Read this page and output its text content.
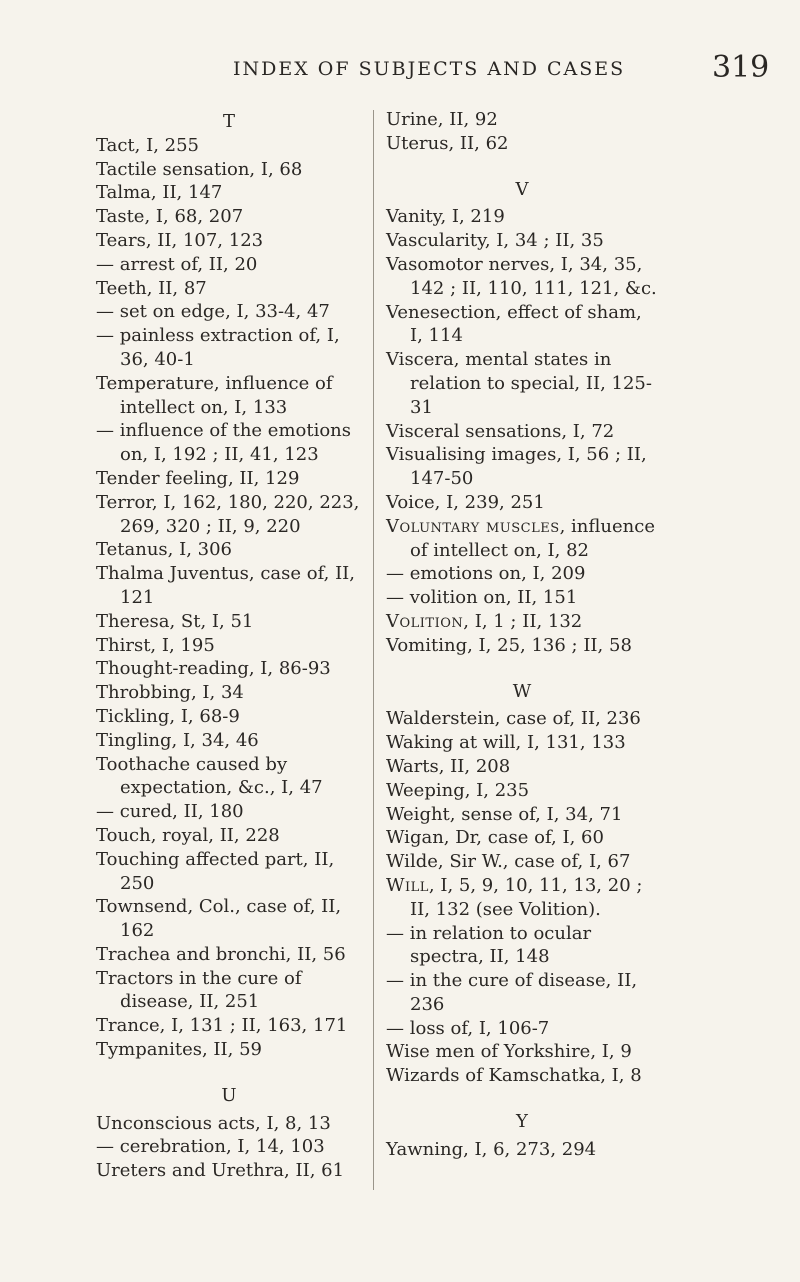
INDEX OF SUBJECTS AND CASES	319

T

Tact, I, 255

Tactile sensation, I, 68

Talma, II, 147

Taste, I, 68, 207

Tears, II, 107, 123

— arrest of, II, 20

Teeth, II, 87

— set on edge, I, 33-4, 47

— painless extraction of, I, 36, 40-1

Temperature, influence of intellect on, I, 133

— influence of the emotions on, I, 192 ; II, 41, 123

Tender feeling, II, 129

Terror, I, 162, 180, 220, 223, 269, 320 ; II, 9, 220

Tetanus, I, 306

Thalma Juventus, case of, II, 121

Theresa, St, I, 51

Thirst, I, 195

Thought-reading, I, 86-93

Throbbing, I, 34

Tickling, I, 68-9

Tingling, I, 34, 46

Toothache caused by expectation, &c., I, 47

— cured, II, 180

Touch, royal, II, 228

Touching affected part, II, 250

Townsend, Col., case of, II, 162

Trachea and bronchi, II, 56

Tractors in the cure of disease, II, 251

Trance, I, 131 ; II, 163, 171

Tympanites, II, 59

U

Unconscious acts, I, 8, 13

— cerebration, I, 14, 103

Ureters and Urethra, II, 61

Urine, II, 92

Uterus, II, 62

V

Vanity, I, 219

Vascularity, I, 34 ; II, 35

Vasomotor nerves, I, 34, 35, 142 ; II, 110, 111, 121, &c.

Venesection, effect of sham, I, 114

Viscera, mental states in relation to special, II, 125-31

Visceral sensations, I, 72

Visualising images, I, 56 ; II, 147-50

Voice, I, 239, 251

Voluntary muscles, influence of intellect on, I, 82

— emotions on, I, 209

— volition on, II, 151

Volition, I, 1 ; II, 132

Vomiting, I, 25, 136 ; II, 58

W

Walderstein, case of, II, 236

Waking at will, I, 131, 133

Warts, II, 208

Weeping, I, 235

Weight, sense of, I, 34, 71

Wigan, Dr, case of, I, 60

Wilde, Sir W., case of, I, 67

Will, I, 5, 9, 10, 11, 13, 20 ; II, 132 (see Volition).

— in relation to ocular spectra, II, 148

— in the cure of disease, II, 236

— loss of, I, 106-7

Wise men of Yorkshire, I, 9

Wizards of Kamschatka, I, 8

Y

Yawning, I, 6, 273, 294
